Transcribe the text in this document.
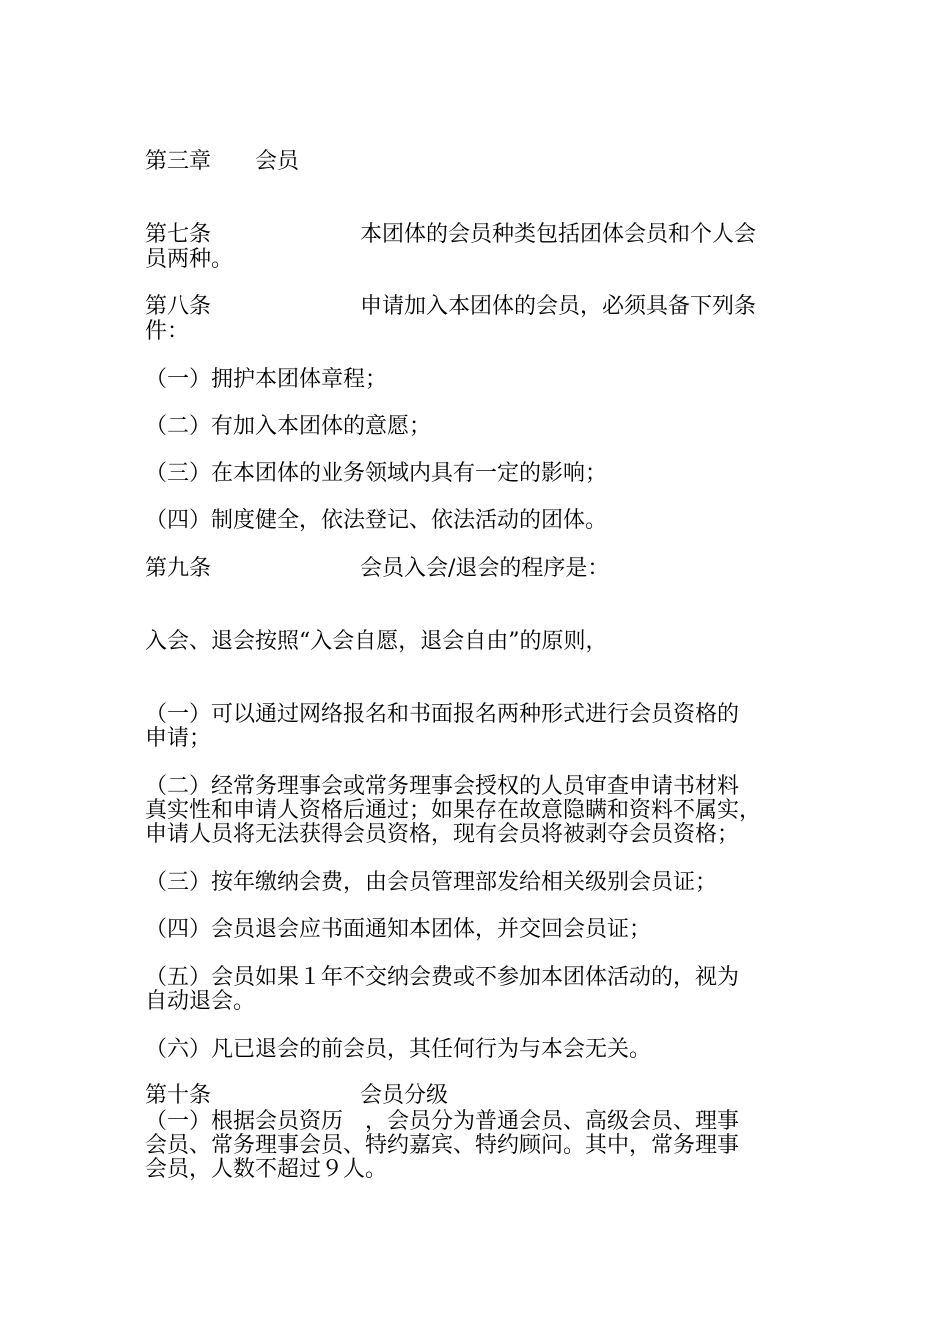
第三章　　 会员
第七条	本团体的会员种类包括团体会员和个人会
员两种。
第八条	申请加入本团体的会员，必须具备下列条
件：
（一）拥护本团体章程；
（二）有加入本团体的意愿；
（三）在本团体的业务领域内具有一定的影响；
（四）制度健全，依法登记、依法活动的团体。
第九条	会员入会/退会的程序是：
入会、退会按照“入会自愿，退会自由”的原则，
（一）可以通过网络报名和书面报名两种形式进行会员资格的
申请；
（二）经常务理事会或常务理事会授权的人员审查申请书材料
真实性和申请人资格后通过；如果存在故意隐瞒和资料不属实，
申请人员将无法获得会员资格，现有会员将被剥夺会员资格；
（三）按年缴纳会费，由会员管理部发给相关级别会员证；
（四）会员退会应书面通知本团体，并交回会员证；
（五）会员如果１年不交纳会费或不参加本团体活动的，视为
自动退会。
（六）凡已退会的前会员，其任何行为与本会无关。
第十条	会员分级
（一）根据会员资历　，会员分为普通会员、高级会员、理事
会员、常务理事会员、特约嘉宾、特约顾问。其中，常务理事
会员，人数不超过９人。
